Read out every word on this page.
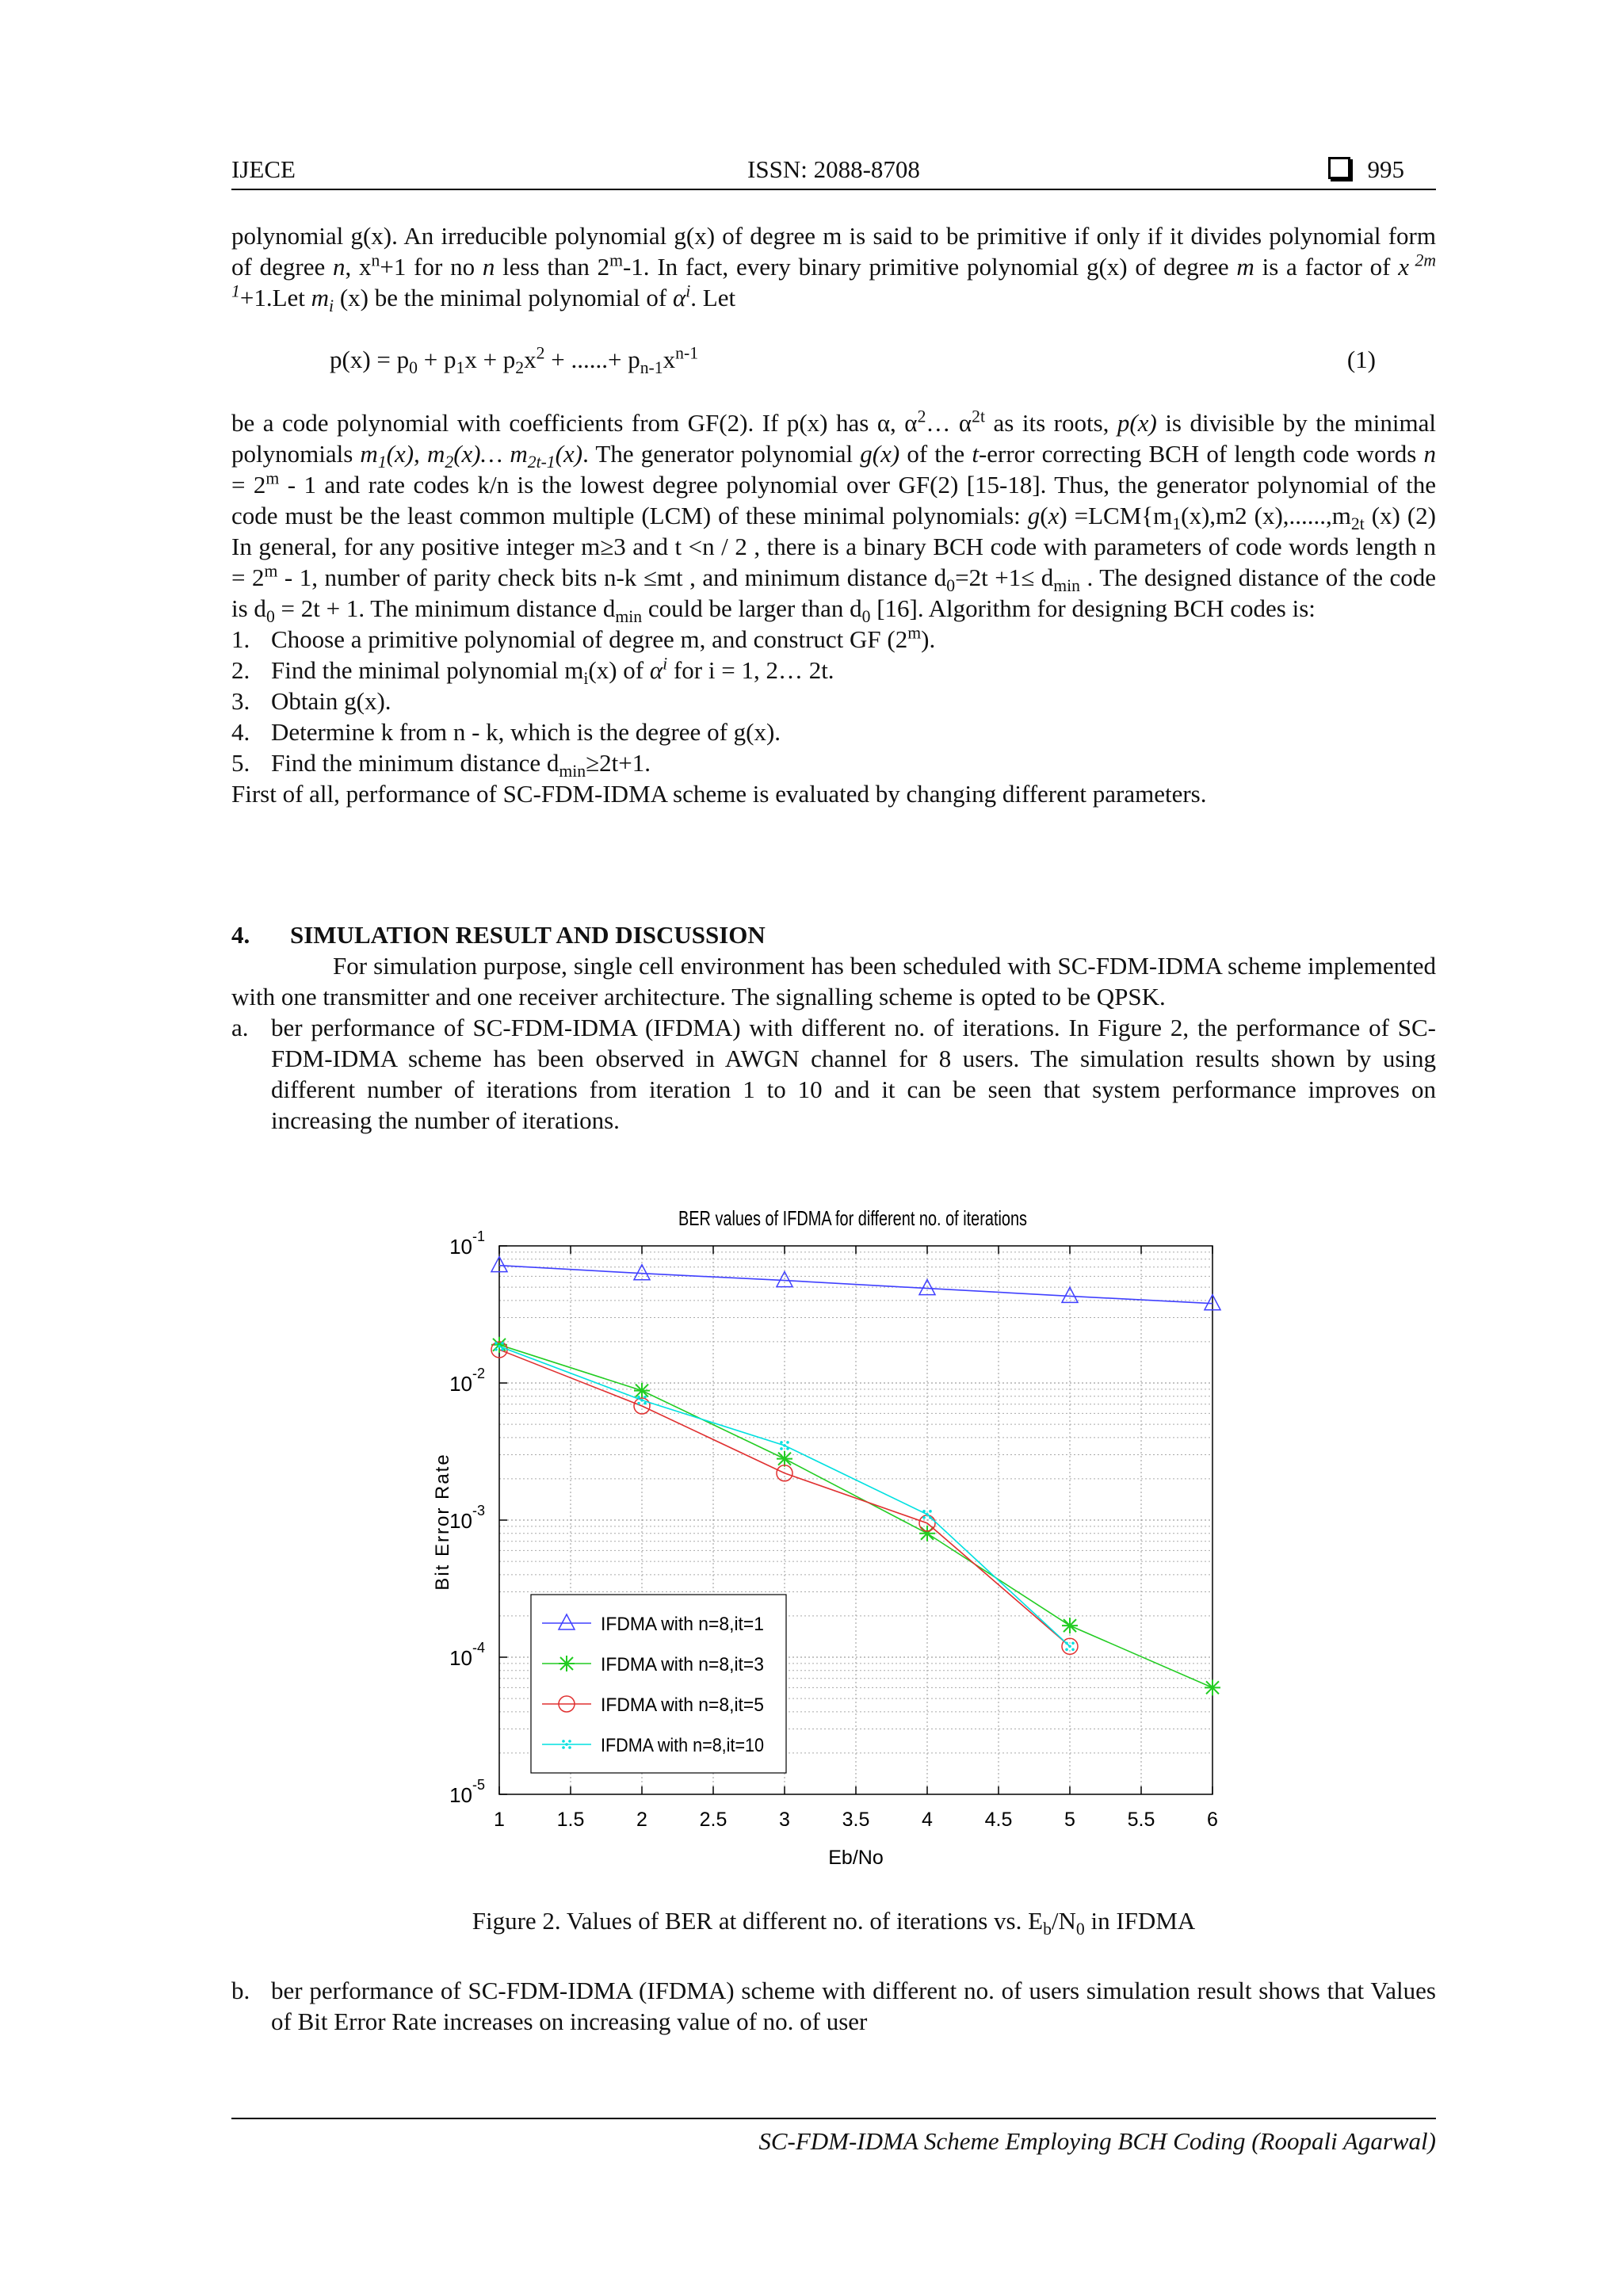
IJECE	ISSN: 2088-8708	995
polynomial g(x). An irreducible polynomial g(x) of degree m is said to be primitive if only if it divides polynomial form of degree n, $x^n+1$ for no n less than 2$^m$-1. In fact, every binary primitive polynomial g(x) of degree m is a factor of x $^{2m 1}$+1.Let $m_i$ (x) be the minimal polynomial of $\alpha^i$. Let
$p(x) = p_0 + p_1x + p_2x^2$ + ......+ $p_{n-1}x^{n-1}$	(1)
be a code polynomial with coefficients from GF(2). If p(x) has α, $\alpha^2\dots$ $\alpha^{2t}$ as its roots, p(x) is divisible by the minimal polynomials $m_1(x)$, $m_2(x)\dots$ $m_{2t-1}(x)$. The generator polynomial g(x) of the t-error correcting BCH of length code words $n = 2^m - 1$ and rate codes k/n is the lowest degree polynomial over GF(2) [15-18]. Thus, the generator polynomial of the code must be the least common multiple (LCM) of these minimal polynomials: $g(x) =LCM\{m_1(x),m2$ $(x),......,m_{2t}$ (x) (2) In general, for any positive integer m≥3 and t <n / 2 , there is a binary BCH code with parameters of code words length $n = 2^m - 1$, number of parity check bits n-k ≤mt , and minimum distance $d_0=2t +1\le d_{min}$ . The designed distance of the code is $d_0 = 2t + 1$. The minimum distance $d_{min}$ could be larger than $d_0$ [16]. Algorithm for designing BCH codes is:
1. Choose a primitive polynomial of degree m, and construct GF (2$^m$).
2. Find the minimal polynomial $m_i(x)$ of $\alpha^i$ for i = 1, 2… 2t.
3. Obtain g(x).
4. Determine k from n - k, which is the degree of g(x).
5. Find the minimum distance $d_{min}\ge 2t+1$.
First of all, performance of SC-FDM-IDMA scheme is evaluated by changing different parameters.
4. SIMULATION RESULT AND DISCUSSION
For simulation purpose, single cell environment has been scheduled with SC-FDM-IDMA scheme implemented with one transmitter and one receiver architecture. The signalling scheme is opted to be QPSK.
a. ber performance of SC-FDM-IDMA (IFDMA) with different no. of iterations. In Figure 2, the performance of SC-FDM-IDMA scheme has been observed in AWGN channel for 8 users. The simulation results shown by using different number of iterations from iteration 1 to 10 and it can be seen that system performance improves on increasing the number of iterations.
BER values of IFDMA for different no. of iterations
$10^{-1}$
$10^{-2}$
$10^{-3}$
$10^{-4}$
$10^{-5}$
1	1.5	2	2.5	3	3.5	4	4.5	5	5.5	6
Bit Error Rate
Eb/No
IFDMA with n=8,it=1
IFDMA with n=8,it=3
IFDMA with n=8,it=5
IFDMA with n=8,it=10
Figure 2. Values of BER at different no. of iterations vs. $E_b/N_0$ in IFDMA
b. ber performance of SC-FDM-IDMA (IFDMA) scheme with different no. of users simulation result shows that Values of Bit Error Rate increases on increasing value of no. of user
SC-FDM-IDMA Scheme Employing BCH Coding (Roopali Agarwal)
